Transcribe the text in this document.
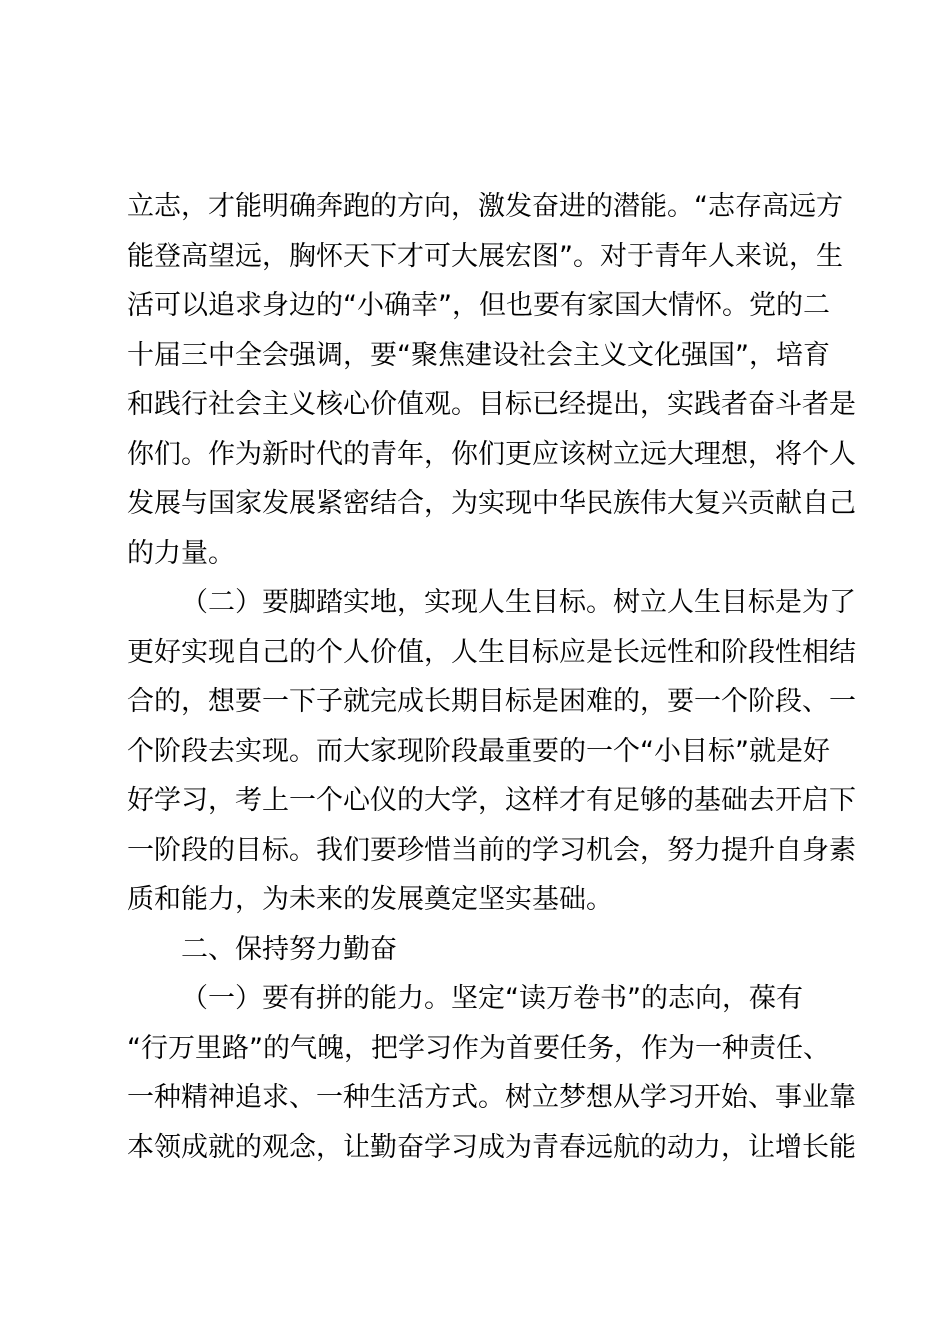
立志，才能明确奔跑的方向，激发奋进的潜能。“志存高远方
能登高望远，胸怀天下才可大展宏图”。对于青年人来说，生
活可以追求身边的“小确幸”，但也要有家国大情怀。党的二
十届三中全会强调，要“聚焦建设社会主义文化强国”，培育
和践行社会主义核心价值观。目标已经提出，实践者奋斗者是
你们。作为新时代的青年，你们更应该树立远大理想，将个人
发展与国家发展紧密结合，为实现中华民族伟大复兴贡献自己
的力量。
（二）要脚踏实地，实现人生目标。树立人生目标是为了
更好实现自己的个人价值，人生目标应是长远性和阶段性相结
合的，想要一下子就完成长期目标是困难的，要一个阶段、一
个阶段去实现。而大家现阶段最重要的一个“小目标”就是好
好学习，考上一个心仪的大学，这样才有足够的基础去开启下
一阶段的目标。我们要珍惜当前的学习机会，努力提升自身素
质和能力，为未来的发展奠定坚实基础。
二、保持努力勤奋
（一）要有拼的能力。坚定“读万卷书”的志向，葆有
“行万里路”的气魄，把学习作为首要任务，作为一种责任、
一种精神追求、一种生活方式。树立梦想从学习开始、事业靠
本领成就的观念，让勤奋学习成为青春远航的动力，让增长能
